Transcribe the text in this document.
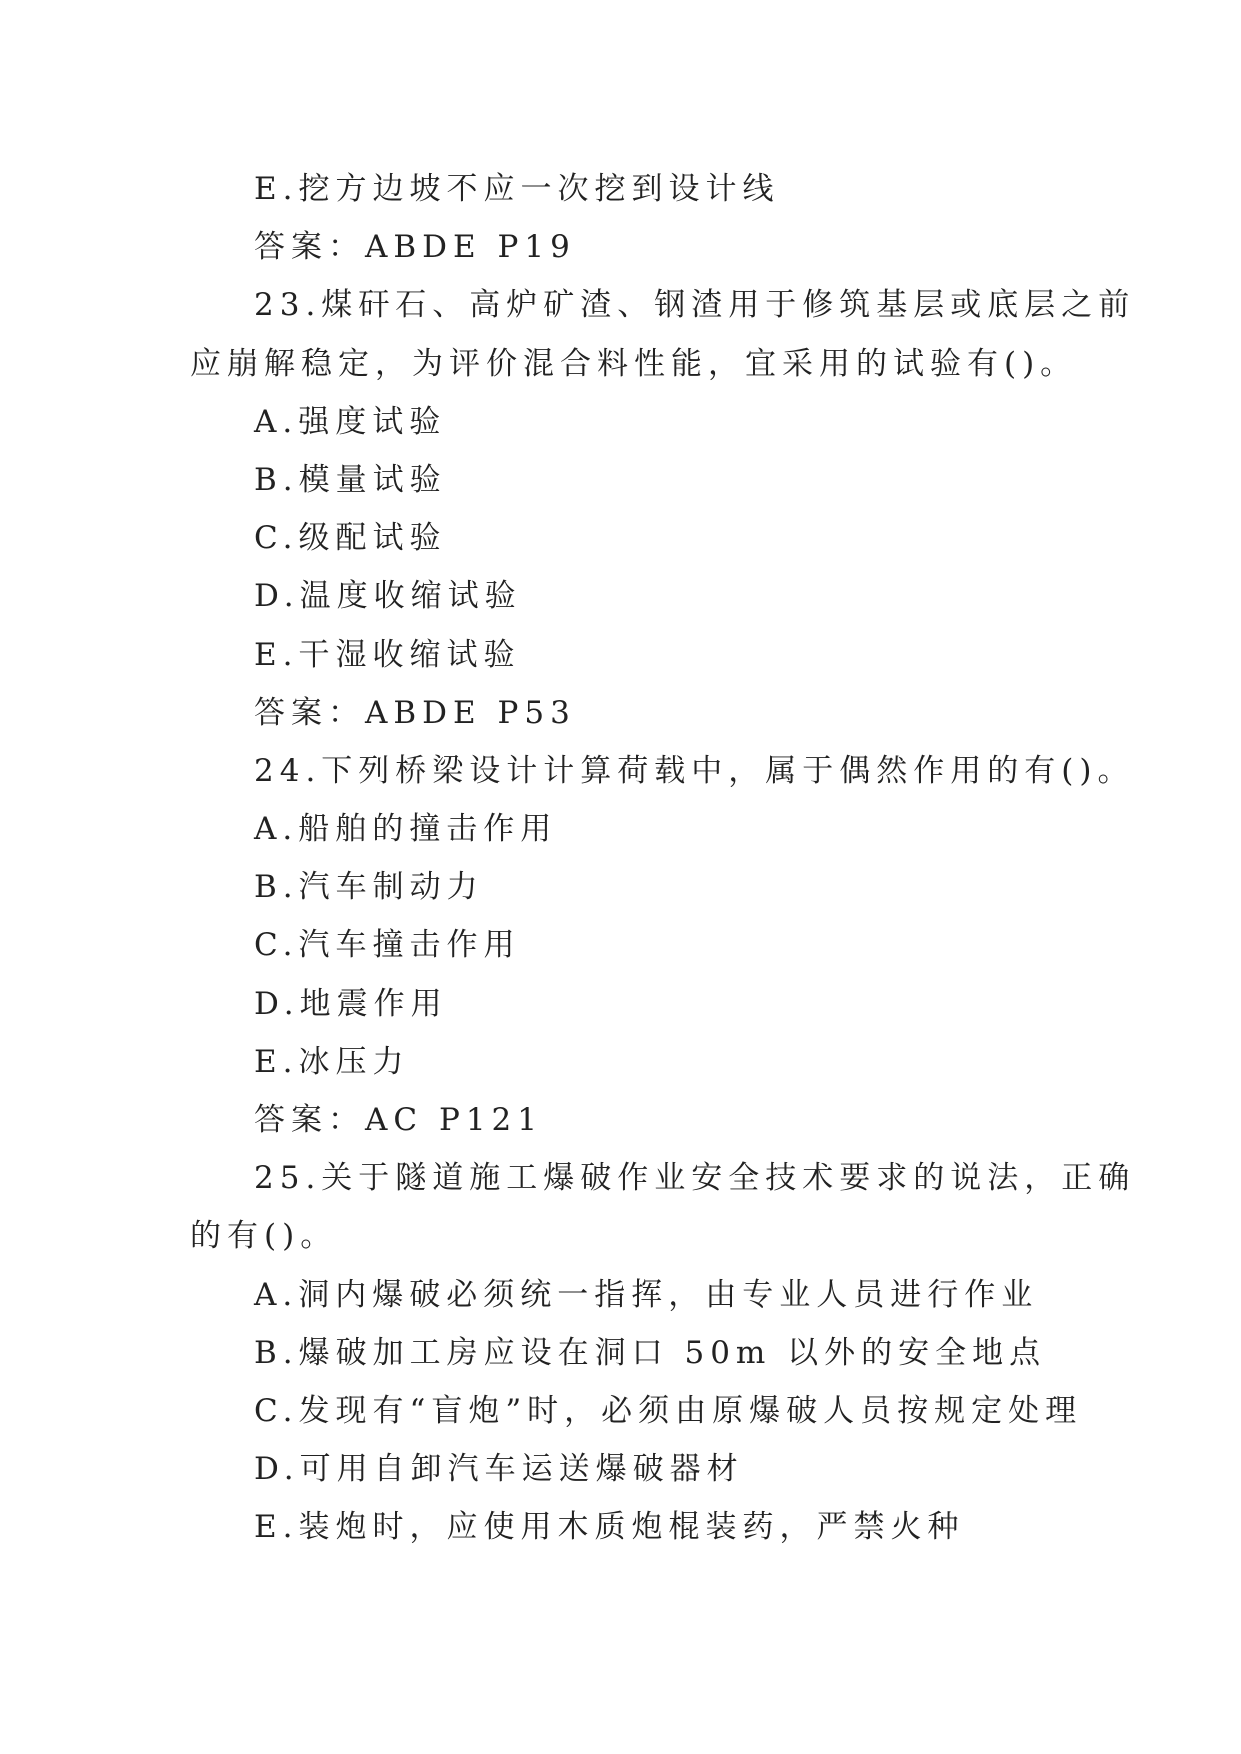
E.挖方边坡不应一次挖到设计线
答案：ABDE P19
23.煤矸石、高炉矿渣、钢渣用于修筑基层或底层之前
应崩解稳定，为评价混合料性能，宜采用的试验有()。
A.强度试验
B.模量试验
C.级配试验
D.温度收缩试验
E.干湿收缩试验
答案：ABDE P53
24.下列桥梁设计计算荷载中，属于偶然作用的有()。
A.船舶的撞击作用
B.汽车制动力
C.汽车撞击作用
D.地震作用
E.冰压力
答案：AC P121
25.关于隧道施工爆破作业安全技术要求的说法，正确
的有()。
A.洞内爆破必须统一指挥，由专业人员进行作业
B.爆破加工房应设在洞口 50m 以外的安全地点
C.发现有“盲炮”时，必须由原爆破人员按规定处理
D.可用自卸汽车运送爆破器材
E.装炮时，应使用木质炮棍装药，严禁火种
